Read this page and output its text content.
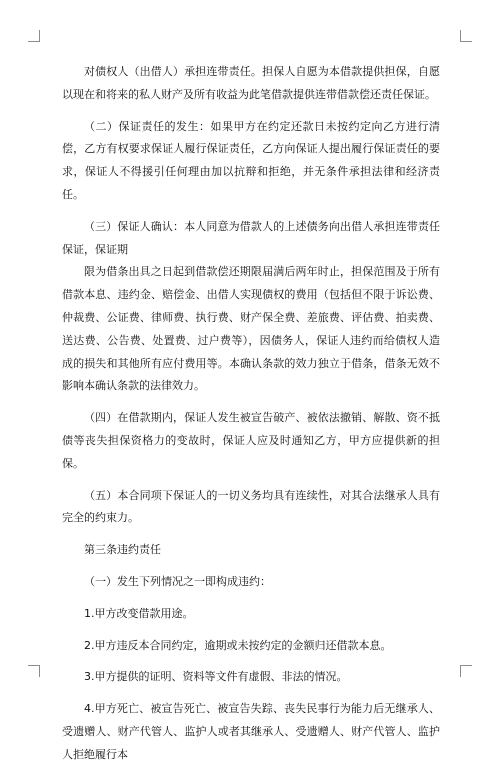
对债权人（出借人）承担连带责任。担保人自愿为本借款提供担保，自愿以现在和将来的私人财产及所有收益为此笔借款提供连带借款偿还责任保证。

（二）保证责任的发生：如果甲方在约定还款日未按约定向乙方进行清偿，乙方有权要求保证人履行保证责任，乙方向保证人提出履行保证责任的要求，保证人不得援引任何理由加以抗辩和拒绝，并无条件承担法律和经济责任。

（三）保证人确认：本人同意为借款人的上述债务向出借人承担连带责任保证，保证期

限为借条出具之日起到借款偿还期限届满后两年时止，担保范围及于所有借款本息、违约金、赔偿金、出借人实现债权的费用（包括但不限于诉讼费、仲裁费、公证费、律师费、执行费、财产保全费、差旅费、评估费、拍卖费、送达费、公告费、处置费、过户费等），因债务人，保证人违约而给债权人造成的损失和其他所有应付费用等。本确认条款的效力独立于借条，借条无效不影响本确认条款的法律效力。

（四）在借款期内，保证人发生被宣告破产、被依法撤销、解散、资不抵债等丧失担保资格力的变故时，保证人应及时通知乙方，甲方应提供新的担保。

（五）本合同项下保证人的一切义务均具有连续性，对其合法继承人具有完全的约束力。

第三条违约责任

（一）发生下列情况之一即构成违约：

1.甲方改变借款用途。

2.甲方违反本合同约定，逾期或未按约定的金额归还借款本息。

3.甲方提供的证明、资料等文件有虚假、非法的情况。

4.甲方死亡、被宣告死亡、被宣告失踪、丧失民事行为能力后无继承人、受遗赠人、财产代管人、监护人或者其继承人、受遗赠人、财产代管人、监护人拒绝履行本
